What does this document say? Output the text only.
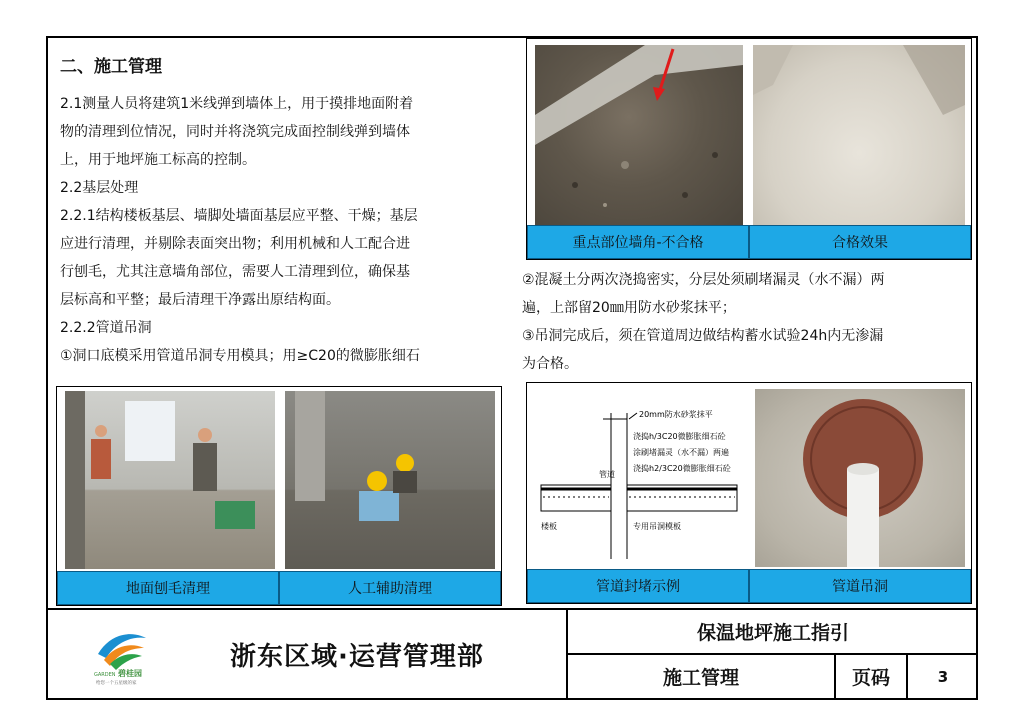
二、施工管理
2.1测量人员将建筑1米线弹到墙体上，用于摸排地面附着
物的清理到位情况，同时并将浇筑完成面控制线弹到墙体
上，用于地坪施工标高的控制。
2.2基层处理
2.2.1结构楼板基层、墙脚处墙面基层应平整、干燥；基层
应进行清理，并剔除表面突出物；利用机械和人工配合进
行刨毛，尤其注意墙角部位，需要人工清理到位，确保基
层标高和平整；最后清理干净露出原结构面。
2.2.2管道吊洞
①洞口底模采用管道吊洞专用模具；用≥C20的微膨胀细石
重点部位墙角-不合格	合格效果
②混凝土分两次浇捣密实，分层处须刷堵漏灵（水不漏）两
遍，上部留20㎜用防水砂浆抹平；
③吊洞完成后，须在管道周边做结构蓄水试验24h内无渗漏
为合格。
地面刨毛清理	人工辅助清理
20mm防水砂浆抹平
浇捣h/3C20微膨胀细石砼
涂刷堵漏灵（水不漏）两遍
浇捣h2/3C20微膨胀细石砼
管道
楼板	专用吊洞模板
管道封堵示例	管道吊洞
GARDEN 碧桂园
给您一个五星级的家
浙东区域·运营管理部
保温地坪施工指引
施工管理	页码	3
